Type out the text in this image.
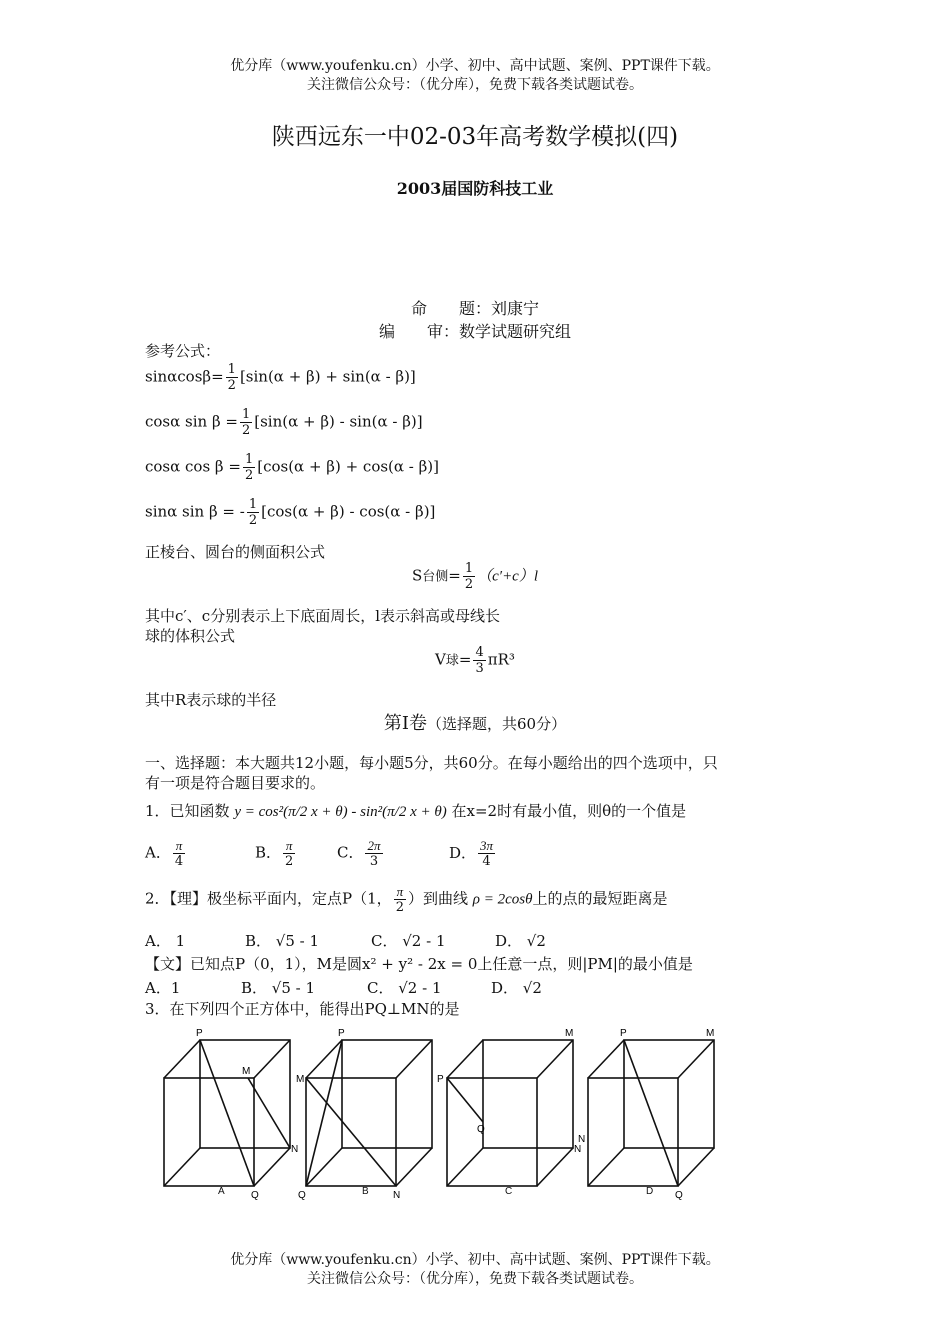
优分库（www.youfenku.cn）小学、初中、高中试题、案例、PPT课件下载。
关注微信公众号：（优分库），免费下载各类试题试卷。
陕西远东一中02-03年高考数学模拟(四)
2003届国防科技工业
命　　题：刘康宁
编　　审：数学试题研究组
参考公式：
$\sin\alpha\cos\beta= \frac{1}{2} [\sin(\alpha + \beta) + \sin(\alpha - \beta)]$
cosα $\sin \beta = \frac{1}{2} [\sin(\alpha + \beta) - \sin(\alpha - \beta)]$
cosα $\cos \beta = \frac{1}{2} [\cos(\alpha + \beta) + \cos(\alpha - \beta)]$
sinα sin β = - $\frac{1}{2} [\cos(\alpha + \beta) - \cos(\alpha - \beta)]$
正棱台、圆台的侧面积公式
S台侧= $\frac{1}{2} (c'+c)l$
其中c′、c分别表示上下底面周长，l表示斜高或母线长
球的体积公式
V球= $\frac{4}{3} \pi R^3$
其中R表示球的半径
第Ⅰ卷（选择题，共60分）
一、选择题：本大题共12小题，每小题5分，共60分。在每小题给出的四个选项中，只
有一项是符合题目要求的。
1．已知函数 y = cos²(π/2 x + θ) - sin²(π/2 x + θ) 在x=2时有最小值，则θ的一个值是
A． $\frac{\pi}{4}$	B． $\frac{\pi}{2}$	C． $\frac{2\pi}{3}$	D． $\frac{3\pi}{4}$
2．【理】极坐标平面内，定点P（1， $\frac{\pi}{2}$ ）到曲线 ρ = 2cosθ上的点的最短距离是
A． 1	B． √5 - 1	C． √2 - 1	D． √2
【文】已知点P（0，1），M是圆x² + y² - 2x = 0上任意一点，则|PM|的最小值是
A．1	B． √5 - 1	C． √2 - 1	D． √2
3．在下列四个正方体中，能得出PQ⊥MN的是
P
M
N
Q
P
M
N
Q
M
P
Q
N
P	M
N
Q
A	B	C	D
优分库（www.youfenku.cn）小学、初中、高中试题、案例、PPT课件下载。
关注微信公众号：（优分库），免费下载各类试题试卷。
